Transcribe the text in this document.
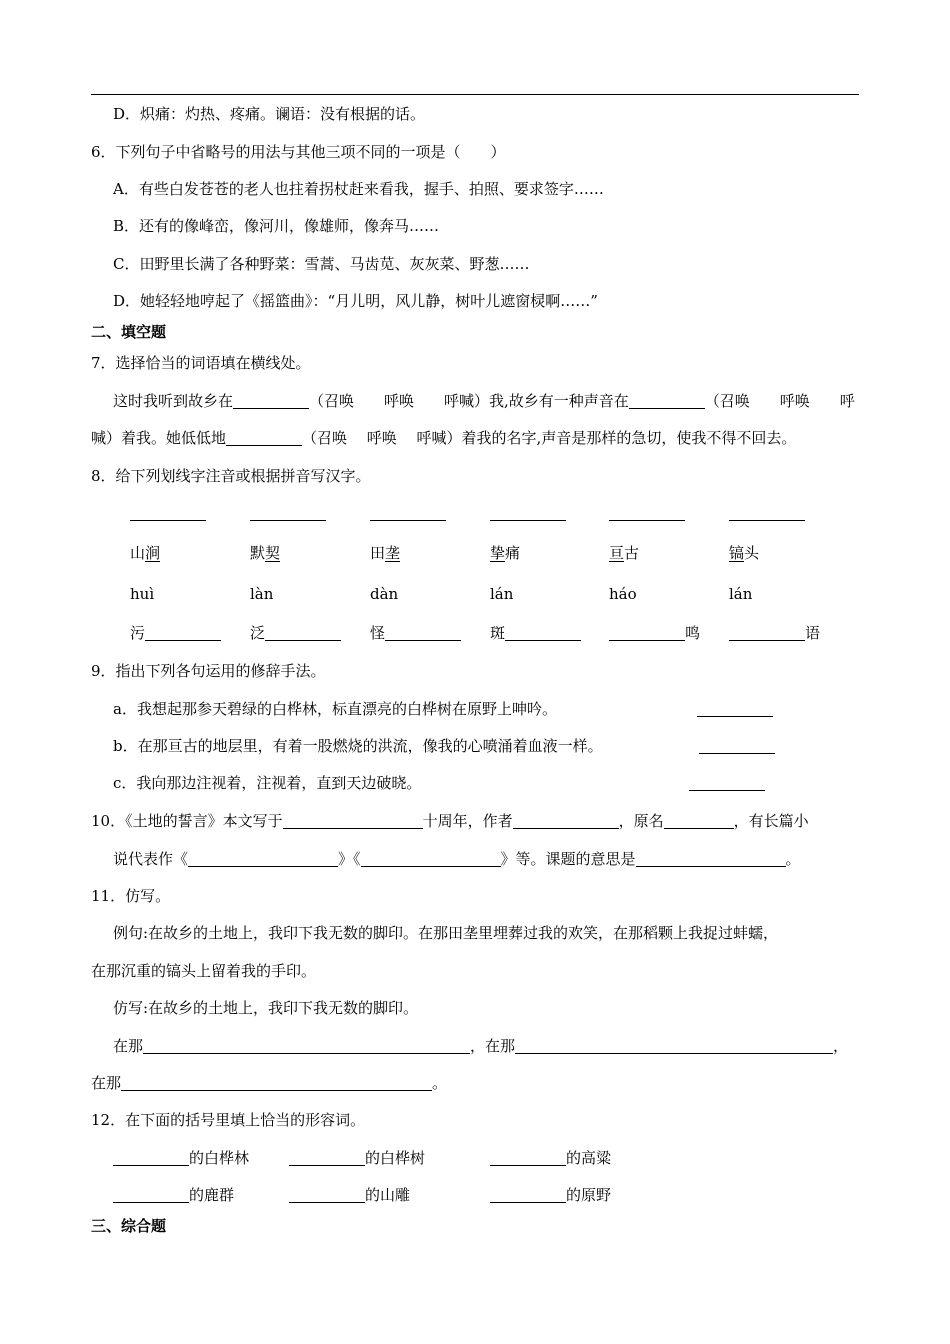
D．炽痛：灼热、疼痛。谰语：没有根据的话。
6．下列句子中省略号的用法与其他三项不同的一项是（　　）
A．有些白发苍苍的老人也拄着拐杖赶来看我，握手、拍照、要求签字……
B．还有的像峰峦，像河川，像雄师，像奔马……
C．田野里长满了各种野菜：雪蒿、马齿苋、灰灰菜、野葱……
D．她轻轻地哼起了《摇篮曲》：“月儿明，风儿静，树叶儿遮窗棂啊……”
二、填空题
7．选择恰当的词语填在横线处。
这时我听到故乡在	（召唤　　呼唤　　呼喊）我,故乡有一种声音在	（召唤　　呼唤　　呼
喊）着我。她低低地	（召唤　 呼唤　 呼喊）着我的名字,声音是那样的急切，使我不得不回去。
8．给下列划线字注音或根据拼音写汉字。
山涧	默契	田垄	挚痛	亘古	镐头
huì	làn	dàn	lán	háo	lán
污	泛	怪	斑	鸣	语
9．指出下列各句运用的修辞手法。
a．我想起那参天碧绿的白桦林，标直漂亮的白桦树在原野上呻吟。
b．在那亘古的地层里，有着一股燃烧的洪流，像我的心喷涌着血液一样。
c．我向那边注视着，注视着，直到天边破晓。
10．《土地的誓言》本文写于	十周年，作者	，原名	，有长篇小
说代表作《	》《	》等。课题的意思是	。
11．仿写。
例句:在故乡的土地上，我印下我无数的脚印。在那田垄里埋葬过我的欢笑，在那稻颗上我捉过蚌蠕，
在那沉重的镐头上留着我的手印。
仿写:在故乡的土地上，我印下我无数的脚印。
在那	，在那	，
在那	。
12．在下面的括号里填上恰当的形容词。
的白桦林	的白桦树	的高粱
的鹿群	的山雕	的原野
三、综合题
